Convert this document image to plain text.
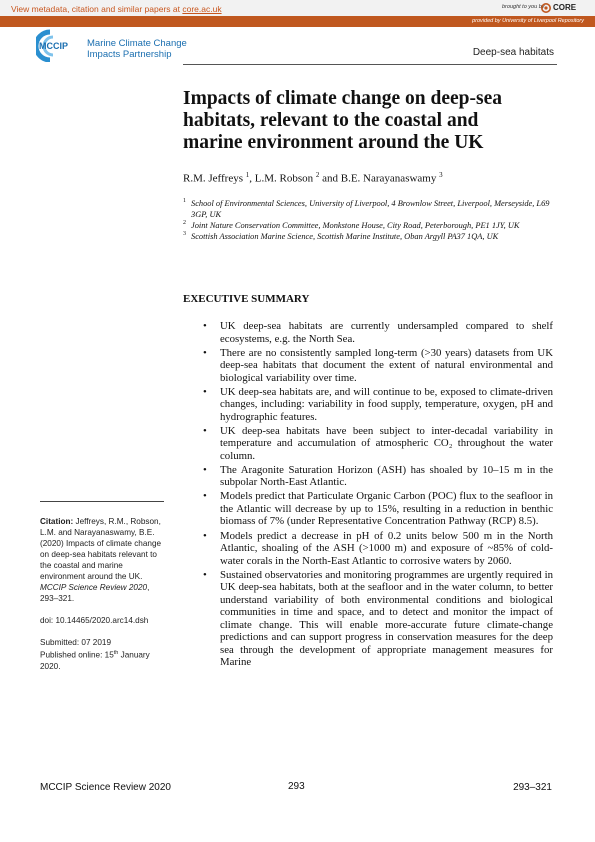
View metadata, citation and similar papers at core.ac.uk	brought to you by CORE
provided by University of Liverpool Repository
MCCIP Marine Climate Change
Impacts Partnership	Deep-sea habitats
Impacts of climate change on deep-sea habitats, relevant to the coastal and marine environment around the UK
R.M. Jeffreys $^1$, L.M. Robson $^2$ and B.E. Narayanaswamy $^3$
1 School of Environmental Sciences, University of Liverpool, 4 Brownlow Street, Liverpool, Merseyside, L69 3GP, UK
2 Joint Nature Conservation Committee, Monkstone House, City Road, Peterborough, PE1 1JY, UK
3 Scottish Association Marine Science, Scottish Marine Institute, Oban Argyll PA37 1QA, UK
EXECUTIVE SUMMARY
• UK deep-sea habitats are currently undersampled compared to shelf ecosystems, e.g. the North Sea.
• There are no consistently sampled long-term (>30 years) datasets from UK deep-sea habitats that document the extent of natural environmental and biological variability over time.
• UK deep-sea habitats are, and will continue to be, exposed to climate-driven changes, including: variability in food supply, temperature, oxygen, pH and hydrographic features.
• UK deep-sea habitats have been subject to inter-decadal variability in temperature and accumulation of atmospheric CO₂ throughout the water column.
• The Aragonite Saturation Horizon (ASH) has shoaled by 10–15 m in the subpolar North-East Atlantic.
• Models predict that Particulate Organic Carbon (POC) flux to the seafloor in the Atlantic will decrease by up to 15%, resulting in a reduction in benthic biomass of 7% (under Representative Concentration Pathway (RCP) 8.5).
• Models predict a decrease in pH of 0.2 units below 500 m in the North Atlantic, shoaling of the ASH (>1000 m) and exposure of ~85% of cold-water corals in the North-East Atlantic to corrosive waters by 2060.
• Sustained observatories and monitoring programmes are urgently required in UK deep-sea habitats, both at the seafloor and in the water column, to better understand variability of both environmental conditions and biological communities in time and space, and to detect and monitor the impact of climate change. This will enable more-accurate future climate-change predictions and can support progress in conservation measures for the deep sea through the development of appropriate management measures for Marine

Citation: Jeffreys, R.M., Robson, L.M. and Narayanaswamy, B.E. (2020) Impacts of climate change on deep-sea habitats relevant to the coastal and marine environment around the UK. MCCIP Science Review 2020, 293–321.

doi: 10.14465/2020.arc14.dsh

Submitted: 07 2019

Published online: 15th January 2020.

MCCIP Science Review 2020	293	293–321
